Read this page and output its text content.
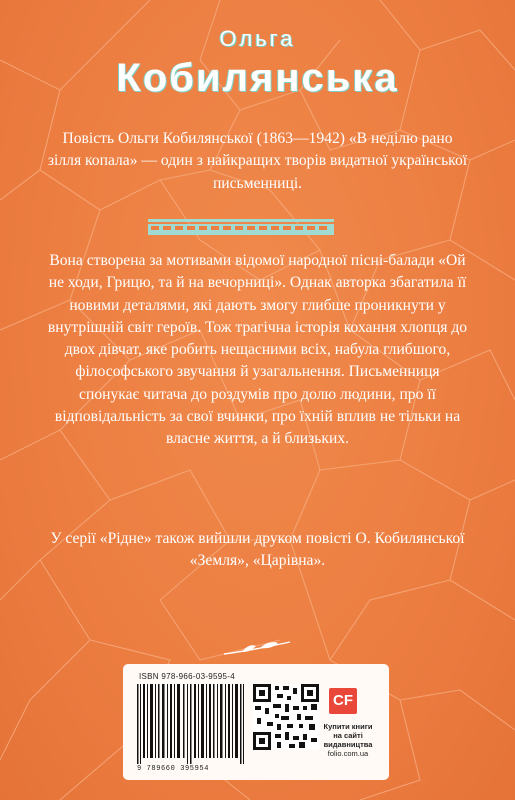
Ольга
Кобилянська

Повість Ольги Кобилянської (1863—1942) «В неділю рано зілля копала» — один з найкращих творів видатної української письменниці.

Вона створена за мотивами відомої народної пісні-балади «Ой не ходи, Грицю, та й на вечорниці». Однак авторка збагатила її новими деталями, які дають змогу глибше проникнути у внутрішній світ героїв. Тож трагічна історія кохання хлопця до двох дівчат, яке робить нещасними всіх, набула глибшого, філософського звучання й узагальнення. Письменниця спонукає читача до роздумів про долю людини, про її відповідальність за свої вчинки, про їхній вплив не тільки на власне життя, а й близьких.

У серії «Рідне» також вийшли друком повісті О. Кобилянської «Земля», «Царівна».

ISBN 978-966-03-9595-4
9 789660 395954
CF
Купити книги
на сайті
видавництва
folio.com.ua
